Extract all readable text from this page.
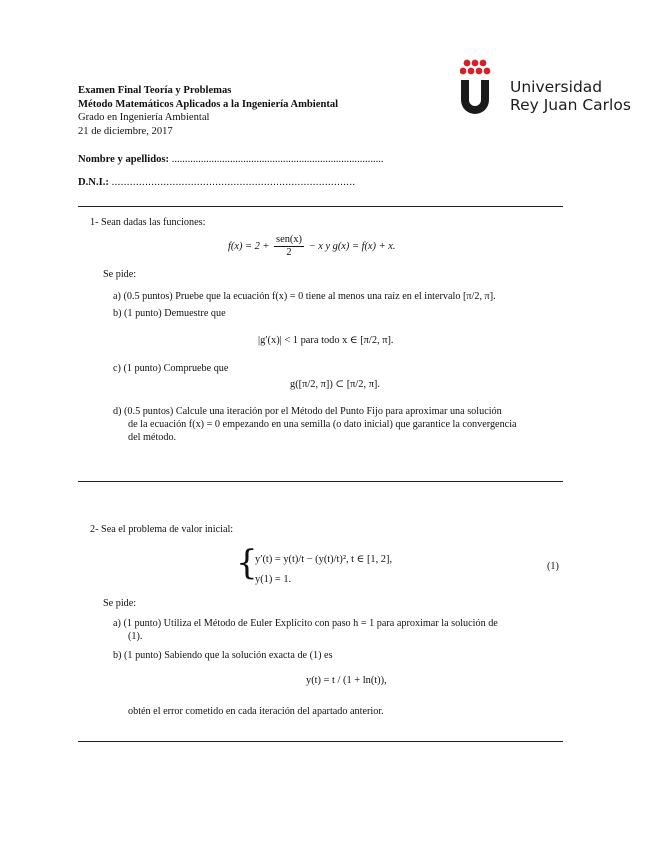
Examen Final Teoría y Problemas
Método Matemáticos Aplicados a la Ingeniería Ambiental
Grado en Ingeniería Ambiental
21 de diciembre, 2017
Universidad
Rey Juan Carlos
Nombre y apellidos: ................................................................................
D.N.I.: ................................................................................
1- Sean dadas las funciones:
$f(x) = 2 + \frac{\text{sen(x)}}{2} - x$ y g(x) = f(x) + x.
Se pide:
a) (0.5 puntos) Pruebe que la ecuación f(x) = 0 tiene al menos una raíz en el intervalo [π/2, π].
b) (1 punto) Demuestre que
|g′(x)| < 1 para todo x ∈ [π/2, π].
c) (1 punto) Compruebe que
g([π/2, π]) ⊂ [π/2, π].
d) (0.5 puntos) Calcule una iteración por el Método del Punto Fijo para aproximar una solución
de la ecuación f(x) = 0 empezando en una semilla (o dato inicial) que garantice la convergencia
del método.
2- Sea el problema de valor inicial:
{
y′(t) = y(t)/t − (y(t)/t)², t ∈ [1, 2],
y(1) = 1.
(1)
Se pide:
a) (1 punto) Utiliza el Método de Euler Explícito con paso h = 1 para aproximar la solución de
(1).
b) (1 punto) Sabiendo que la solución exacta de (1) es
y(t) = t / (1 + ln(t)),
obtén el error cometido en cada iteración del apartado anterior.
